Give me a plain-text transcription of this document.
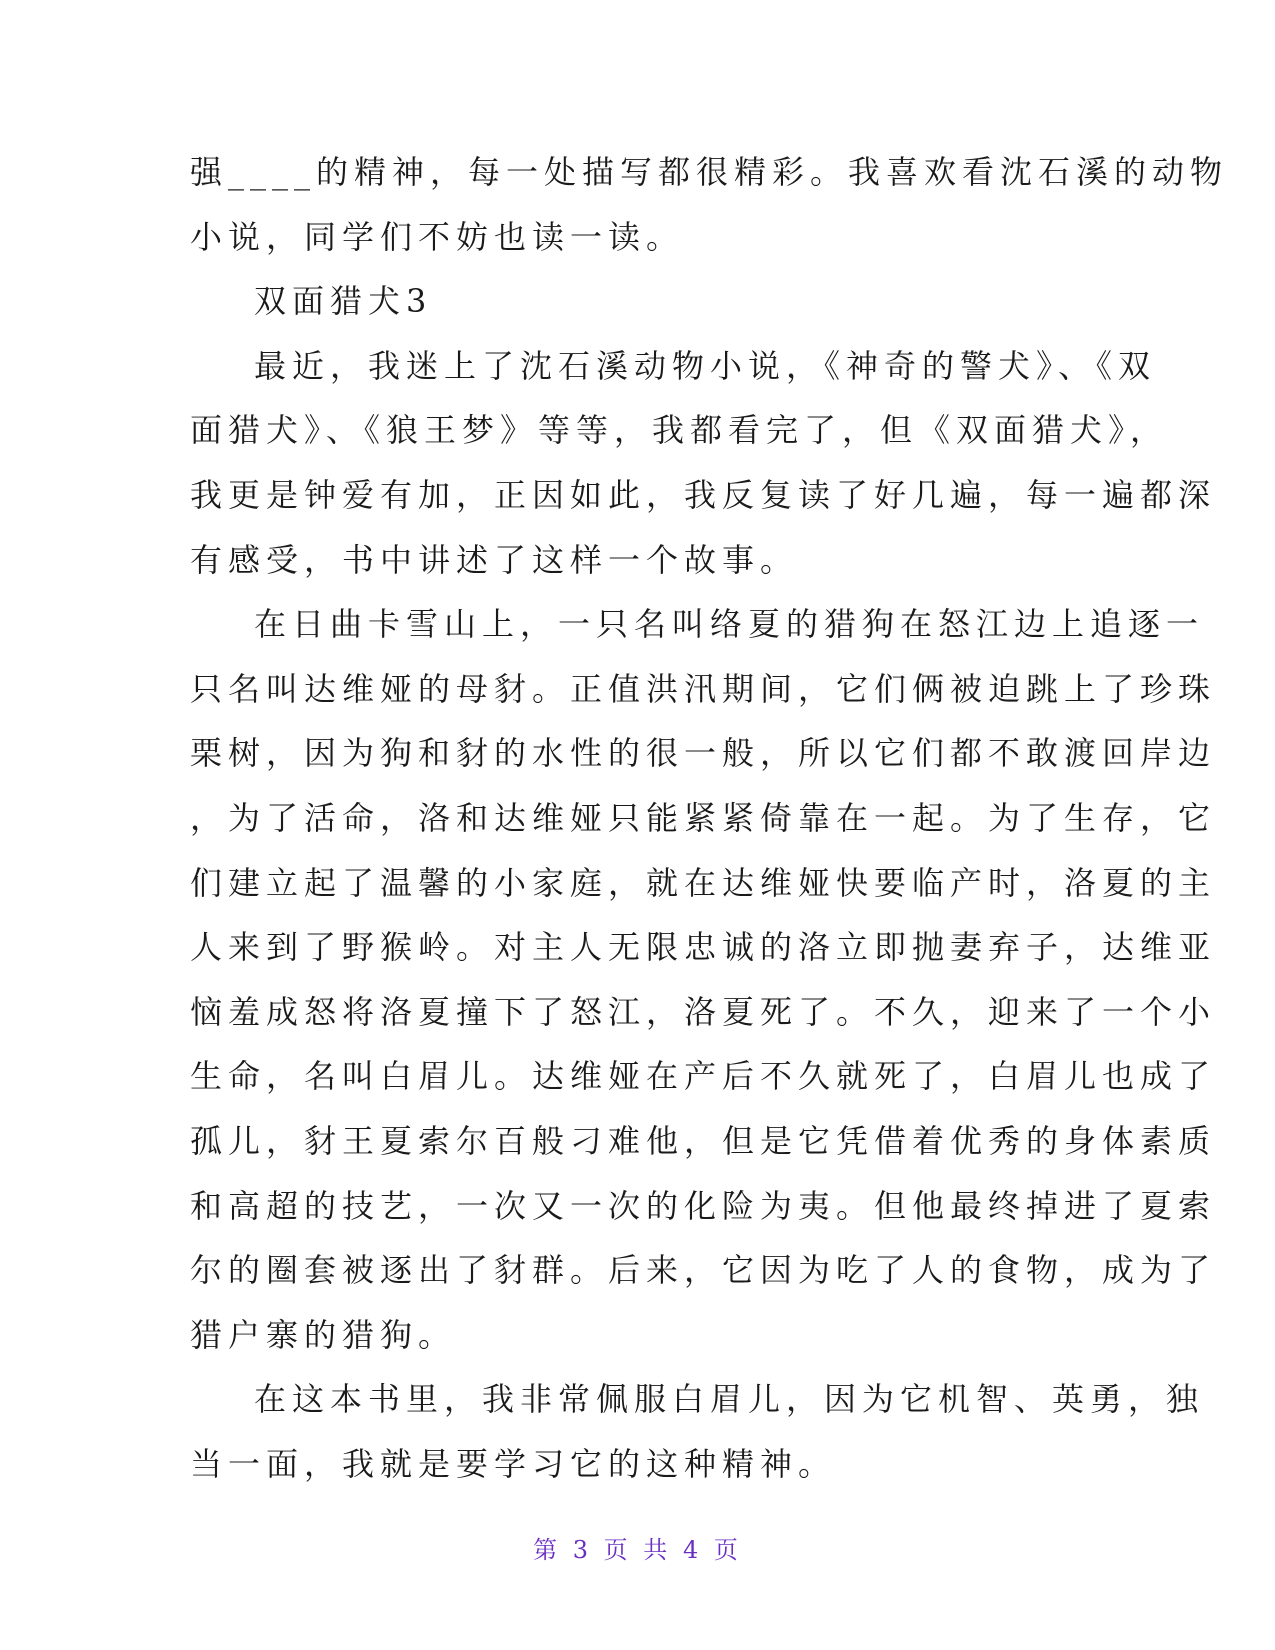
强____的精神，每一处描写都很精彩。我喜欢看沈石溪的动物
小说，同学们不妨也读一读。
双面猎犬3
最近，我迷上了沈石溪动物小说，《神奇的警犬》、《双
面猎犬》、《狼王梦》等等，我都看完了，但《双面猎犬》，
我更是钟爱有加，正因如此，我反复读了好几遍，每一遍都深
有感受，书中讲述了这样一个故事。
在日曲卡雪山上，一只名叫络夏的猎狗在怒江边上追逐一
只名叫达维娅的母豺。正值洪汛期间，它们俩被迫跳上了珍珠
栗树，因为狗和豺的水性的很一般，所以它们都不敢渡回岸边
，为了活命，洛和达维娅只能紧紧倚靠在一起。为了生存，它
们建立起了温馨的小家庭，就在达维娅快要临产时，洛夏的主
人来到了野猴岭。对主人无限忠诚的洛立即抛妻弃子，达维亚
恼羞成怒将洛夏撞下了怒江，洛夏死了。不久，迎来了一个小
生命，名叫白眉儿。达维娅在产后不久就死了，白眉儿也成了
孤儿，豺王夏索尔百般刁难他，但是它凭借着优秀的身体素质
和高超的技艺，一次又一次的化险为夷。但他最终掉进了夏索
尔的圈套被逐出了豺群。后来，它因为吃了人的食物，成为了
猎户寨的猎狗。
在这本书里，我非常佩服白眉儿，因为它机智、英勇，独
当一面，我就是要学习它的这种精神。
第 3 页 共 4 页
